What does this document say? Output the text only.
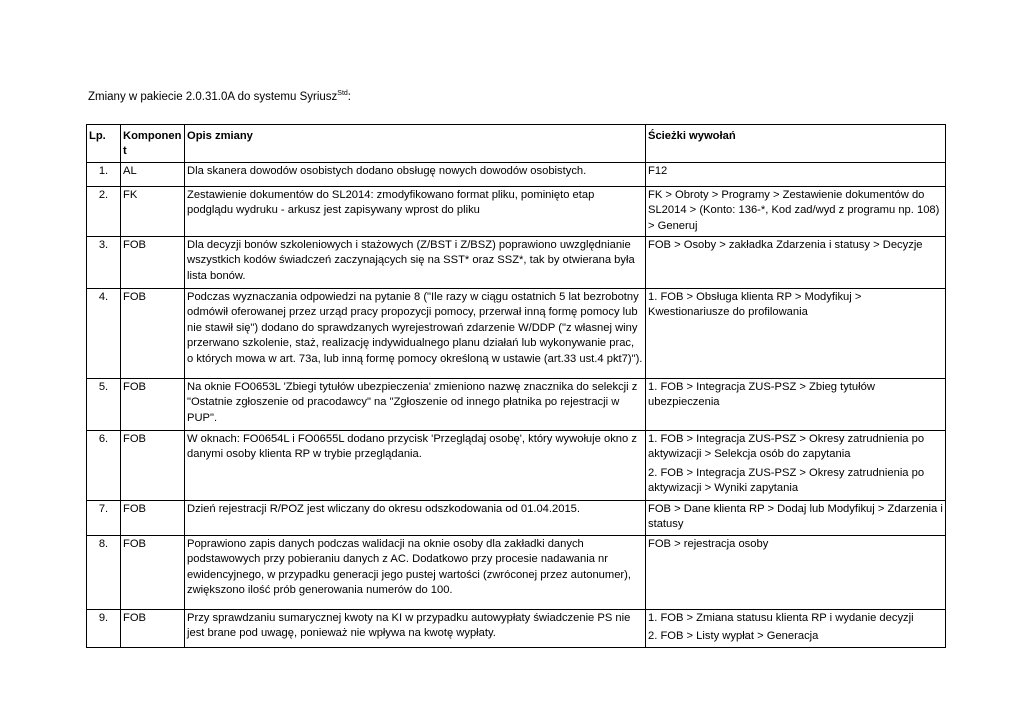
Zmiany w pakiecie 2.0.31.0A do systemu Syriusz$^{Std}$:
Lp.	Komponent	Opis zmiany	Ścieżki wywołań
1.	AL	Dla skanera dowodów osobistych dodano obsługę nowych dowodów osobistych.	F12

2.	FK	Zestawienie dokumentów do SL2014: zmodyfikowano format pliku, pominięto etap podglądu wydruku - arkusz jest zapisywany wprost do pliku	FK > Obroty > Programy > Zestawienie dokumentów do SL2014 > (Konto: 136-*, Kod zad/wyd z programu np. 108) > Generuj

3.	FOB	Dla decyzji bonów szkoleniowych i stażowych (Z/BST i Z/BSZ) poprawiono uwzględnianie wszystkich kodów świadczeń zaczynających się na SST* oraz SSZ*, tak by otwierana była lista bonów.	FOB > Osoby > zakładka Zdarzenia i statusy > Decyzje

4.	FOB	Podczas wyznaczania odpowiedzi na pytanie 8 ("Ile razy w ciągu ostatnich 5 lat bezrobotny odmówił oferowanej przez urząd pracy propozycji pomocy, przerwał inną formę pomocy lub nie stawił się") dodano do sprawdzanych wyrejestrowań zdarzenie W/DDP ("z własnej winy przerwano szkolenie, staż, realizację indywidualnego planu działań lub wykonywanie prac, o których mowa w art. 73a, lub inną formę pomocy określoną w ustawie (art.33 ust.4 pkt7)").	1. FOB > Obsługa klienta RP > Modyfikuj > Kwestionariusze do profilowania

5.	FOB	Na oknie FO0653L 'Zbiegi tytułów ubezpieczenia' zmieniono nazwę znacznika do selekcji z "Ostatnie zgłoszenie od pracodawcy" na "Zgłoszenie od innego płatnika po rejestracji w PUP".	1. FOB > Integracja ZUS-PSZ > Zbieg tytułów ubezpieczenia

6.	FOB	W oknach: FO0654L i FO0655L dodano przycisk 'Przeglądaj osobę', który wywołuje okno z danymi osoby klienta RP w trybie przeglądania.	1. FOB > Integracja ZUS-PSZ > Okresy zatrudnienia po aktywizacji > Selekcja osób do zapytania
2. FOB > Integracja ZUS-PSZ > Okresy zatrudnienia po aktywizacji > Wyniki zapytania

7.	FOB	Dzień rejestracji R/POZ jest wliczany do okresu odszkodowania od 01.04.2015.	FOB > Dane klienta RP > Dodaj lub Modyfikuj > Zdarzenia i statusy

8.	FOB	Poprawiono zapis danych podczas walidacji na oknie osoby dla zakładki danych podstawowych przy pobieraniu danych z AC. Dodatkowo przy procesie nadawania nr ewidencyjnego, w przypadku generacji jego pustej wartości (zwróconej przez autonumer), zwiększono ilość prób generowania numerów do 100.	FOB > rejestracja osoby

9.	FOB	Przy sprawdzaniu sumarycznej kwoty na KI w przypadku autowypłaty świadczenie PS nie jest brane pod uwagę, ponieważ nie wpływa na kwotę wypłaty.	1. FOB > Zmiana statusu klienta RP i wydanie decyzji
2. FOB > Listy wypłat > Generacja
